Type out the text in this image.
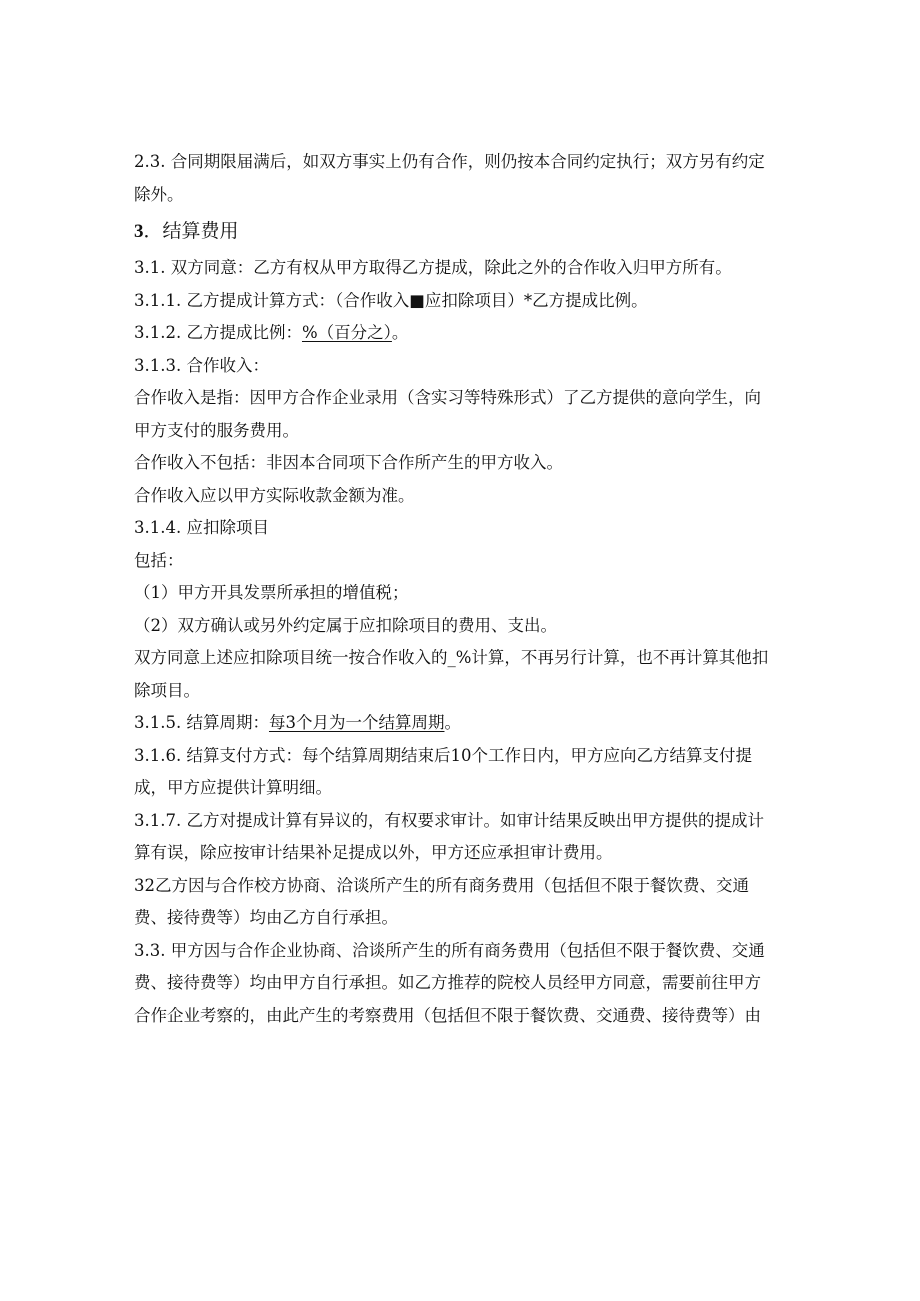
2.3. 合同期限届满后，如双方事实上仍有合作，则仍按本合同约定执行；双方另有约定

除外。

3．结算费用

3.1. 双方同意：乙方有权从甲方取得乙方提成，除此之外的合作收入归甲方所有。

3.1.1. 乙方提成计算方式：（合作收入■应扣除项目）*乙方提成比例。

3.1.2. 乙方提成比例：%（百分之）。

3.1.3. 合作收入：

合作收入是指：因甲方合作企业录用（含实习等特殊形式）了乙方提供的意向学生，向

甲方支付的服务费用。

合作收入不包括：非因本合同项下合作所产生的甲方收入。

合作收入应以甲方实际收款金额为准。

3.1.4. 应扣除项目

包括：

（1）甲方开具发票所承担的增值税；

（2）双方确认或另外约定属于应扣除项目的费用、支出。

双方同意上述应扣除项目统一按合作收入的_%计算，不再另行计算，也不再计算其他扣

除项目。

3.1.5. 结算周期：每3个月为一个结算周期。

3.1.6. 结算支付方式：每个结算周期结束后10个工作日内，甲方应向乙方结算支付提

成，甲方应提供计算明细。

3.1.7. 乙方对提成计算有异议的，有权要求审计。如审计结果反映出甲方提供的提成计

算有误，除应按审计结果补足提成以外，甲方还应承担审计费用。

32乙方因与合作校方协商、洽谈所产生的所有商务费用（包括但不限于餐饮费、交通

费、接待费等）均由乙方自行承担。

3.3. 甲方因与合作企业协商、洽谈所产生的所有商务费用（包括但不限于餐饮费、交通

费、接待费等）均由甲方自行承担。如乙方推荐的院校人员经甲方同意，需要前往甲方

合作企业考察的，由此产生的考察费用（包括但不限于餐饮费、交通费、接待费等）由
